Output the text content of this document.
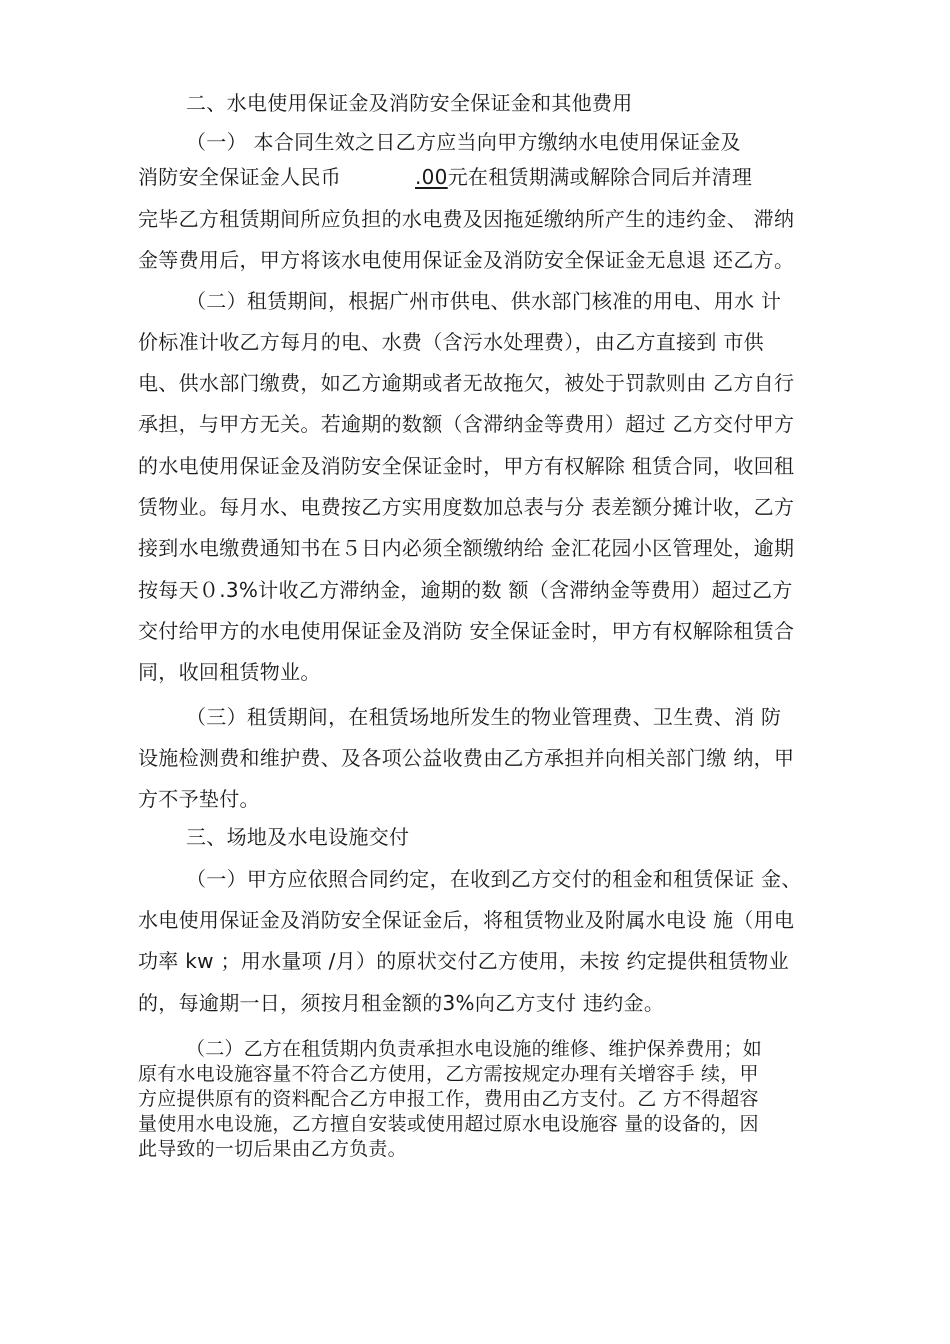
二、水电使用保证金及消防安全保证金和其他费用
（一） 本合同生效之日乙方应当向甲方缴纳水电使用保证金及
消防安全保证金人民币	.00元在租赁期满或解除合同后并清理
完毕乙方租赁期间所应负担的水电费及因拖延缴纳所产生的违约金、 滞纳
金等费用后，甲方将该水电使用保证金及消防安全保证金无息退 还乙方。
（二）租赁期间，根据广州市供电、供水部门核准的用电、用水 计
价标准计收乙方每月的电、水费（含污水处理费），由乙方直接到 市供
电、供水部门缴费，如乙方逾期或者无故拖欠，被处于罚款则由 乙方自行
承担，与甲方无关。若逾期的数额（含滞纳金等费用）超过 乙方交付甲方
的水电使用保证金及消防安全保证金时，甲方有权解除 租赁合同，收回租
赁物业。每月水、电费按乙方实用度数加总表与分 表差额分摊计收，乙方
接到水电缴费通知书在５日内必须全额缴纳给 金汇花园小区管理处，逾期
按每天０.3%计收乙方滞纳金，逾期的数 额（含滞纳金等费用）超过乙方
交付给甲方的水电使用保证金及消防 安全保证金时，甲方有权解除租赁合
同，收回租赁物业。
（三）租赁期间，在租赁场地所发生的物业管理费、卫生费、消 防
设施检测费和维护费、及各项公益收费由乙方承担并向相关部门缴 纳，甲
方不予垫付。
三、场地及水电设施交付
（一）甲方应依照合同约定，在收到乙方交付的租金和租赁保证 金、
水电使用保证金及消防安全保证金后，将租赁物业及附属水电设 施（用电
功率 kw ；用水量项 /月）的原状交付乙方使用，未按 约定提供租赁物业
的，每逾期一日，须按月租金额的3%向乙方支付 违约金。
（二）乙方在租赁期内负责承担水电设施的维修、维护保养费用；如
原有水电设施容量不符合乙方使用，乙方需按规定办理有关增容手 续，甲
方应提供原有的资料配合乙方申报工作，费用由乙方支付。乙 方不得超容
量使用水电设施，乙方擅自安装或使用超过原水电设施容 量的设备的，因
此导致的一切后果由乙方负责。
